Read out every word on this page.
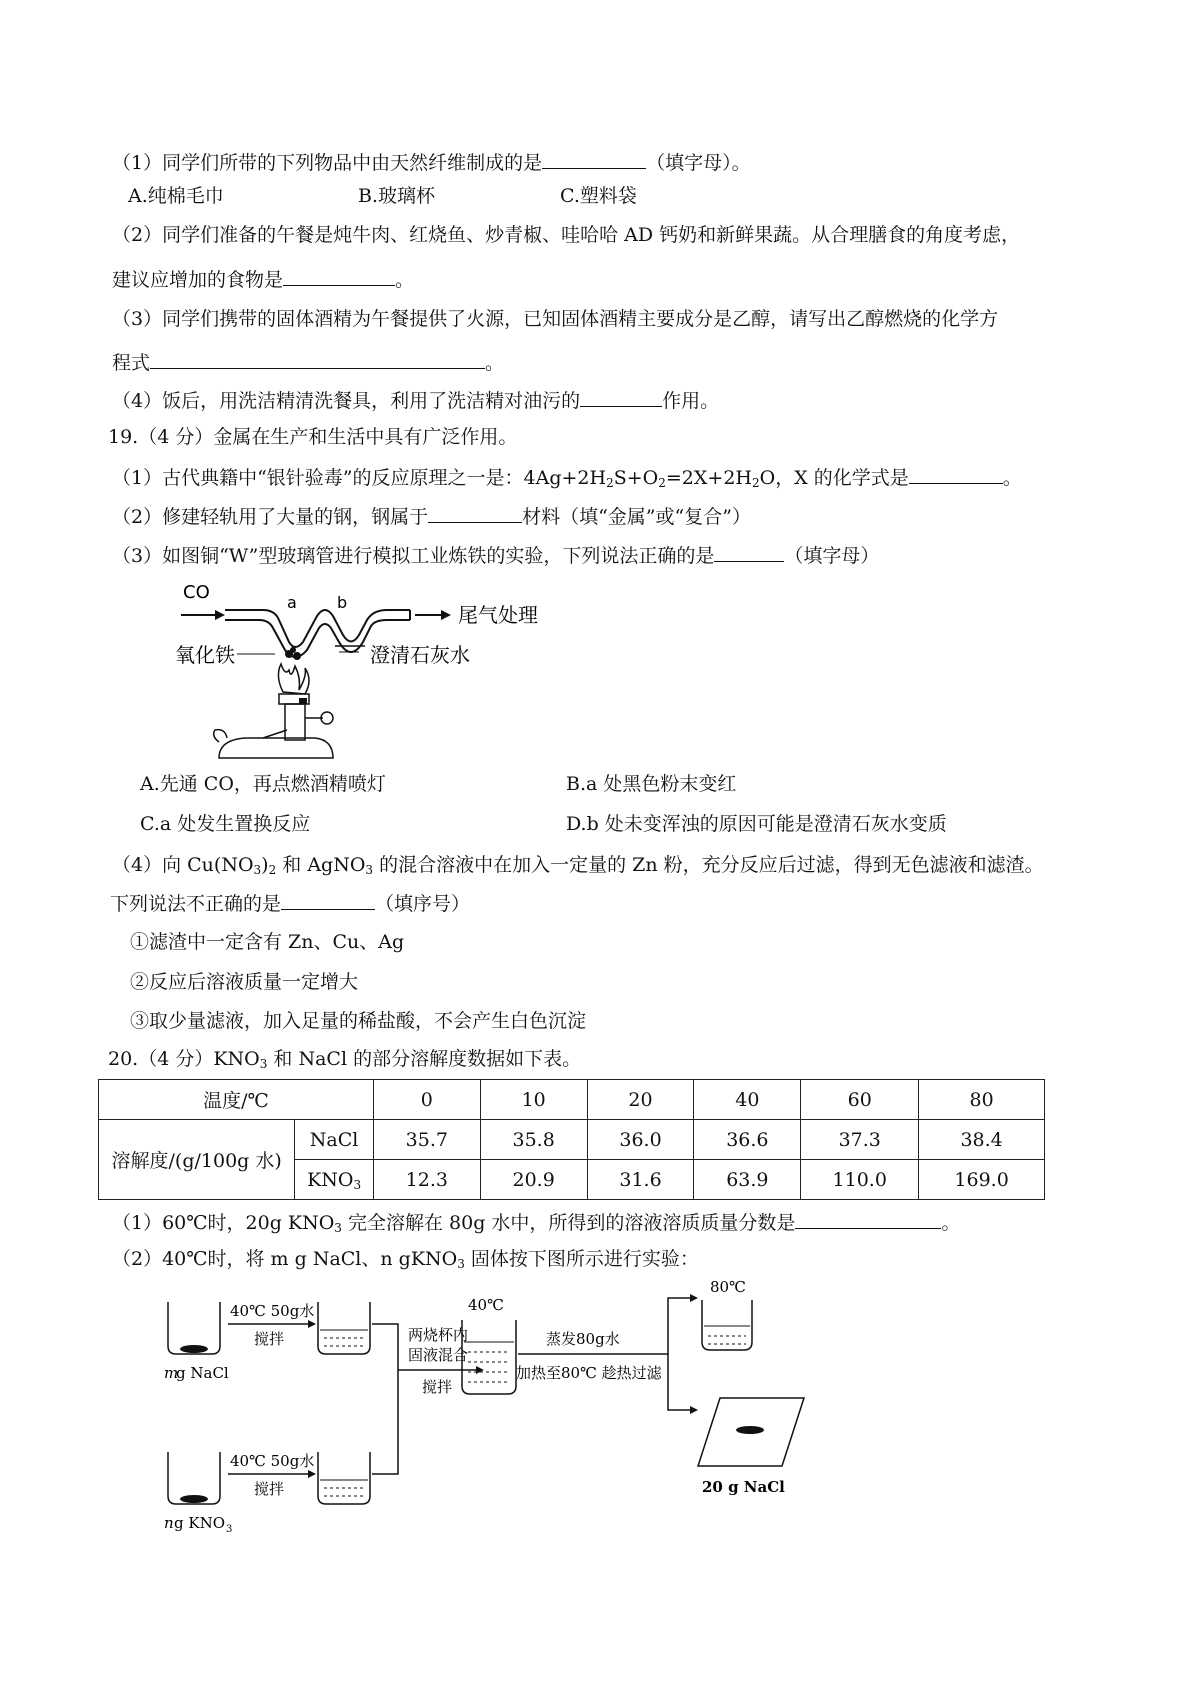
（1）同学们所带的下列物品中由天然纤维制成的是	（填字母）。
A.纯棉毛巾	B.玻璃杯	C.塑料袋
（2）同学们准备的午餐是炖牛肉、红烧鱼、炒青椒、哇哈哈 AD 钙奶和新鲜果蔬。从合理膳食的角度考虑，
建议应增加的食物是	。
（3）同学们携带的固体酒精为午餐提供了火源，已知固体酒精主要成分是乙醇，请写出乙醇燃烧的化学方
程式	。
（4）饭后，用洗洁精清洗餐具，利用了洗洁精对油污的	作用。
19.（4 分）金属在生产和生活中具有广泛作用。
（1）古代典籍中“银针验毒”的反应原理之一是：$4Ag+2H_2S+O_2=2X+2H_2O$，X 的化学式是	。
（2）修建轻轨用了大量的钢，钢属于	材料（填“金属”或“复合”）
（3）如图铜“W”型玻璃管进行模拟工业炼铁的实验，下列说法正确的是	（填字母）
CO	a	b
尾气处理
氧化铁	澄清石灰水
A.先通 CO，再点燃酒精喷灯	B.a 处黑色粉末变红
C.a 处发生置换反应	D.b 处未变浑浊的原因可能是澄清石灰水变质
（4）向 $Cu(NO_3)_2$ 和 AgNO$_3$ 的混合溶液中在加入一定量的 Zn 粉，充分反应后过滤，得到无色滤液和滤渣。
下列说法不正确的是	（填序号）
①滤渣中一定含有 Zn、Cu、Ag
②反应后溶液质量一定增大
③取少量滤液，加入足量的稀盐酸，不会产生白色沉淀
20.（4 分）$KNO_3$ 和 NaCl 的部分溶解度数据如下表。
温度/℃		0	10	20	40	60	80
溶解度/(g/100g 水)	NaCl	35.7	35.8	36.0	36.6	37.3	38.4
	$KNO_3$	12.3	20.9	31.6	63.9	110.0	169.0
（1）60℃时，20g $KNO_3$ 完全溶解在 80g 水中，所得到的溶液溶质质量分数是	。
（2）40℃时，将 m g NaCl、n gKNO$_3$ 固体按下图所示进行实验：
m
g NaCl
40℃ 50g水
搅拌
n g KNO 3
40℃ 50g水
搅拌
两烧杯内
固液混合
搅拌
40℃
蒸发80g水
加热至80℃ 趁热过滤
80℃
20 g NaCl
